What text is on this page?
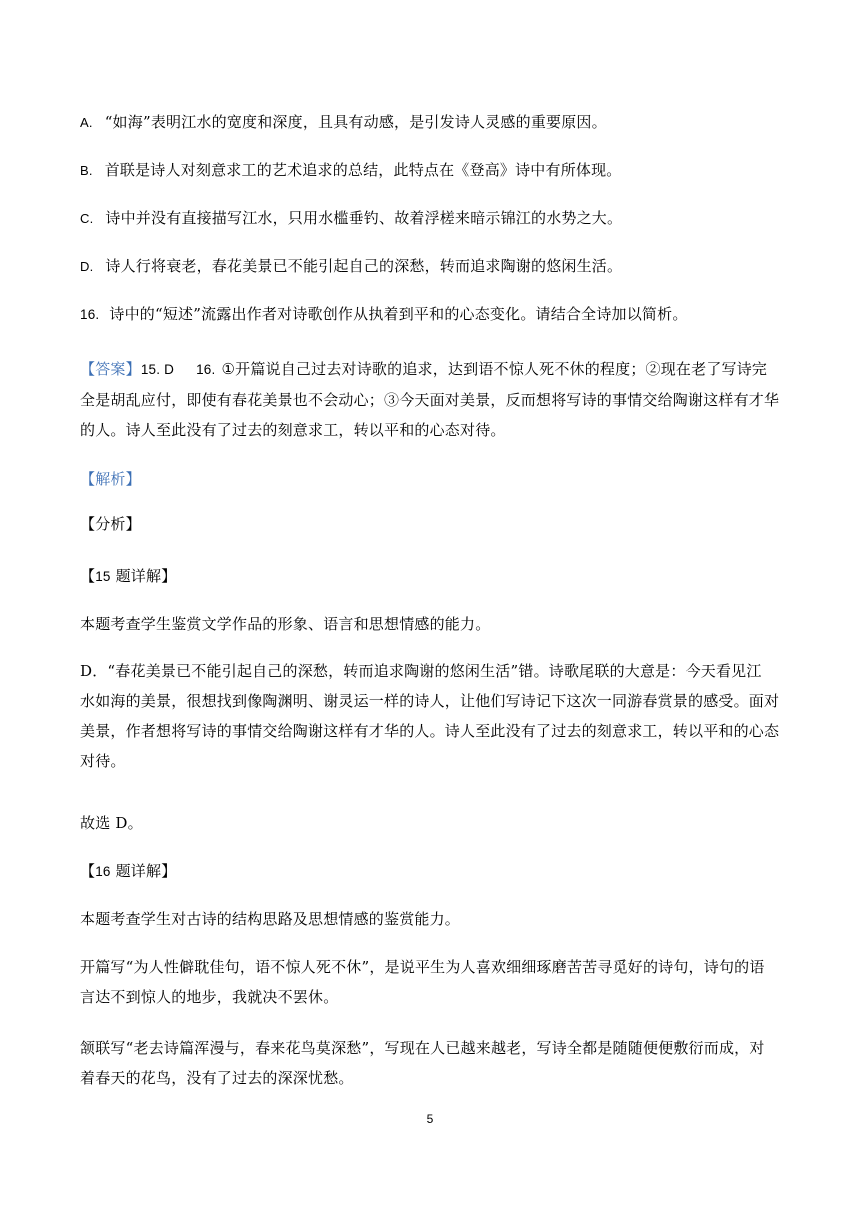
A. “如海”表明江水的宽度和深度，且具有动感，是引发诗人灵感的重要原因。

B. 首联是诗人对刻意求工的艺术追求的总结，此特点在《登高》诗中有所体现。

C. 诗中并没有直接描写江水，只用水槛垂钓、故着浮槎来暗示锦江的水势之大。

D. 诗人行将衰老，春花美景已不能引起自己的深愁，转而追求陶谢的悠闲生活。

16. 诗中的“短述”流露出作者对诗歌创作从执着到平和的心态变化。请结合全诗加以简析。

【答案】15. D 16. ①开篇说自己过去对诗歌的追求，达到语不惊人死不休的程度；②现在老了写诗完
全是胡乱应付，即使有春花美景也不会动心；③今天面对美景，反而想将写诗的事情交给陶谢这样有才华
的人。诗人至此没有了过去的刻意求工，转以平和的心态对待。

【解析】

【分析】

【15 题详解】

本题考查学生鉴赏文学作品的形象、语言和思想情感的能力。

D．“春花美景已不能引起自己的深愁，转而追求陶谢的悠闲生活”错。诗歌尾联的大意是：今天看见江
水如海的美景，很想找到像陶渊明、谢灵运一样的诗人，让他们写诗记下这次一同游春赏景的感受。面对
美景，作者想将写诗的事情交给陶谢这样有才华的人。诗人至此没有了过去的刻意求工，转以平和的心态
对待。

故选 D。

【16 题详解】

本题考查学生对古诗的结构思路及思想情感的鉴赏能力。

开篇写“为人性僻耽佳句，语不惊人死不休”，是说平生为人喜欢细细琢磨苦苦寻觅好的诗句，诗句的语
言达不到惊人的地步，我就决不罢休。
颔联写“老去诗篇浑漫与，春来花鸟莫深愁”，写现在人已越来越老，写诗全都是随随便便敷衍而成，对
着春天的花鸟，没有了过去的深深忧愁。
5
